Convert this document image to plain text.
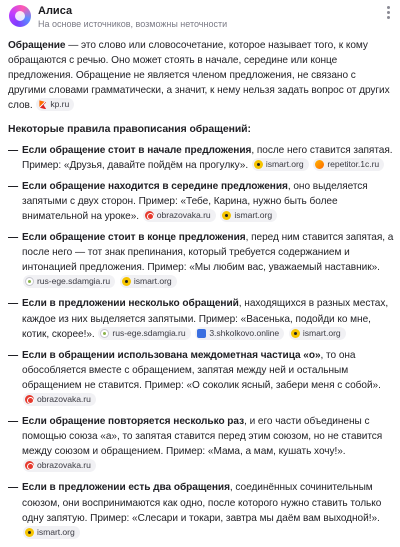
Алиса
На основе источников, возможны неточности

Обращение — это слово или словосочетание, которое называет того, к кому обращаются с речью. Оно может стоять в начале, середине или конце предложения. Обращение не является членом предложения, не связано с другими словами грамматически, а значит, к нему нельзя задать вопрос от других слов. kp.ru

Некоторые правила правописания обращений:

— Если обращение стоит в начале предложения, после него ставится запятая. Пример: «Друзья, давайте пойдём на прогулку». ismart.org
	repetitor.1c.ru
— Если обращение находится в середине предложения, оно выделяется запятыми с двух сторон. Пример: «Тебе, Карина, нужно быть более внимательной на уроке». obrazovaka.ru
	ismart.org
— Если обращение стоит в конце предложения, перед ним ставится запятая, а после него — тот знак препинания, который требуется содержанием и интонацией предложения. Пример: «Мы любим вас, уважаемый наставник».
rus-ege.sdamgia.ru
	ismart.org
— Если в предложении несколько обращений, находящихся в разных местах, каждое из них выделяется запятыми. Пример: «Васенька, подойди ко мне, котик, скорее!». rus-ege.sdamgia.ru
	3.shkolkovo.online
	ismart.org
— Если в обращении использована междометная частица «о», то она обособляется вместе с обращением, запятая между ней и остальным обращением не ставится. Пример: «О соколик ясный, забери меня с собой».
obrazovaka.ru
— Если обращение повторяется несколько раз, и его части объединены с помощью союза «а», то запятая ставится перед этим союзом, но не ставится между союзом и обращением. Пример: «Мама, а мам, кушать хочу!».
obrazovaka.ru
— Если в предложении есть два обращения, соединённых сочинительным союзом, они воспринимаются как одно, после которого нужно ставить только одну запятую. Пример: «Слесари и токари, завтра мы даём вам выходной!».
ismart.org
